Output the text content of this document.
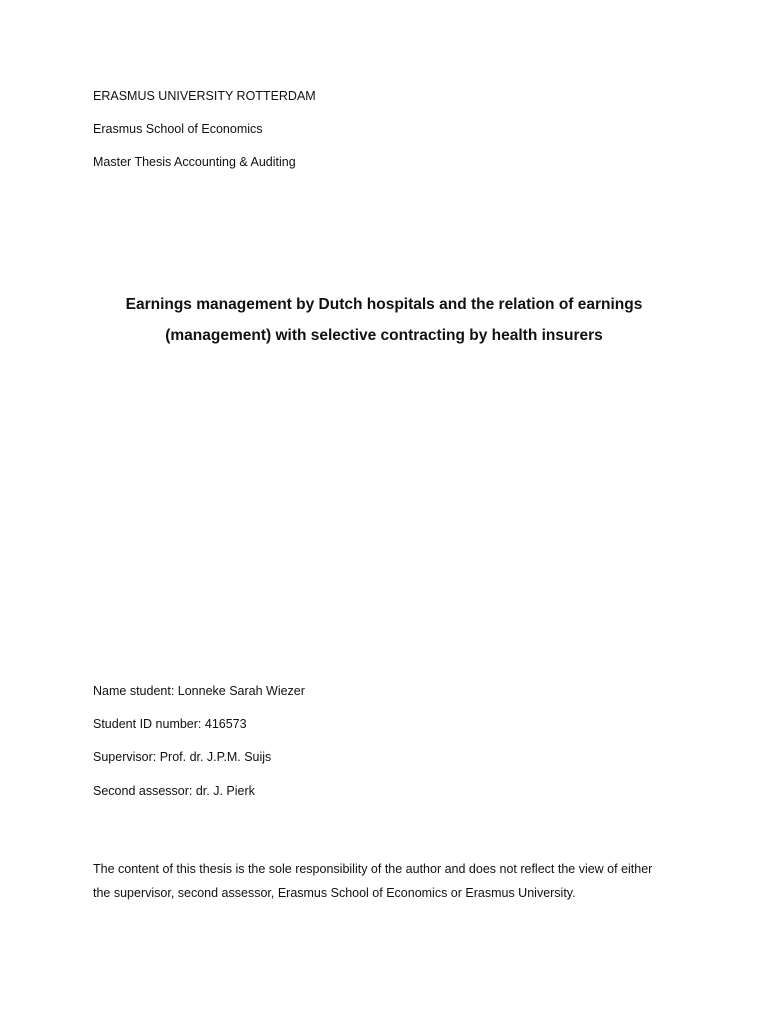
ERASMUS UNIVERSITY ROTTERDAM
Erasmus School of Economics
Master Thesis Accounting & Auditing
Earnings management by Dutch hospitals and the relation of earnings
(management) with selective contracting by health insurers
Name student: Lonneke Sarah Wiezer
Student ID number: 416573
Supervisor: Prof. dr. J.P.M. Suijs
Second assessor: dr. J. Pierk
The content of this thesis is the sole responsibility of the author and does not reflect the view of either
the supervisor, second assessor, Erasmus School of Economics or Erasmus University.
